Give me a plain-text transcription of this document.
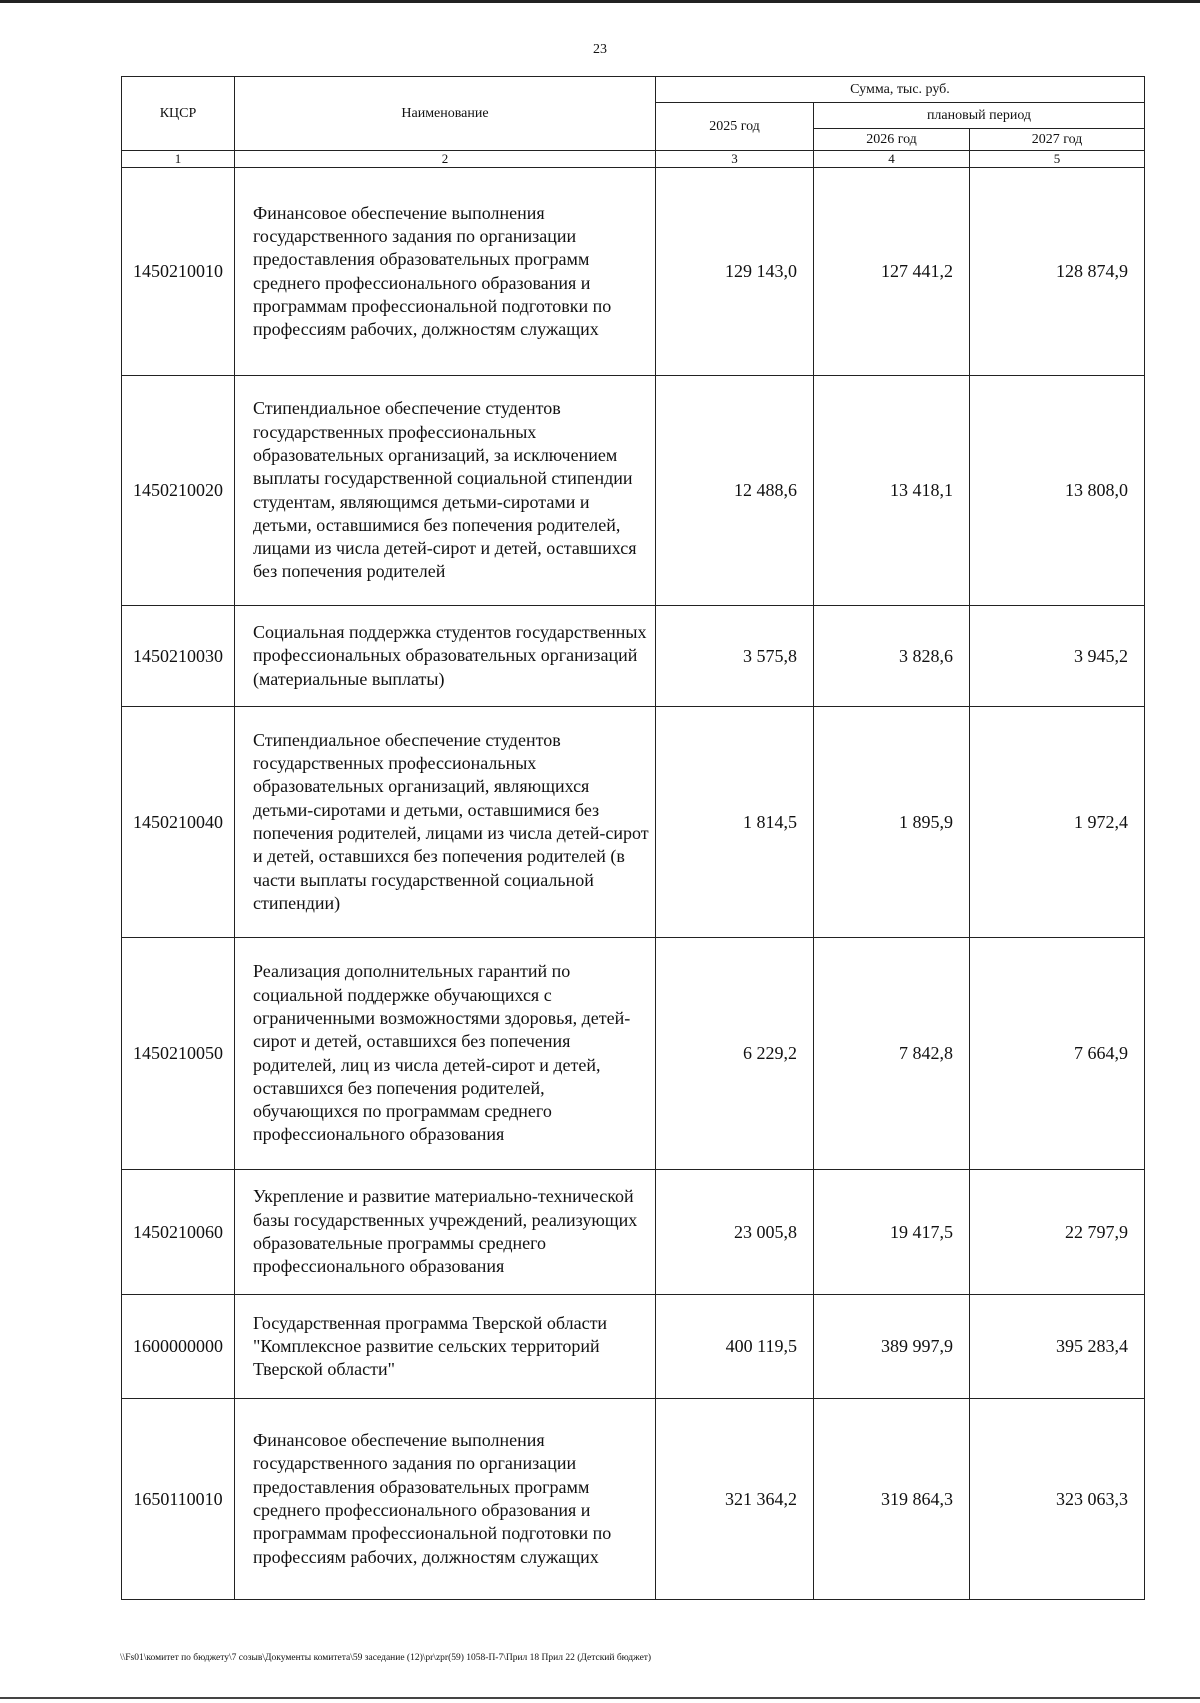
23
КЦСР	Наименование	Сумма, тыс. руб.		
		2025 год	плановый период	
			2026 год	2027 год
1	2	3	4	5
1450210010	Финансовое обеспечение выполнения государственного задания по организации предоставления образовательных программ среднего профессионального образования и программам профессиональной подготовки по профессиям рабочих, должностям служащих	129 143,0	127 441,2	128 874,9
1450210020	Стипендиальное обеспечение студентов государственных профессиональных образовательных организаций, за исключением выплаты государственной социальной стипендии студентам, являющимся детьми-сиротами и детьми, оставшимися без попечения родителей, лицами из числа детей-сирот и детей, оставшихся без попечения родителей	12 488,6	13 418,1	13 808,0
1450210030	Социальная поддержка студентов государственных профессиональных образовательных организаций (материальные выплаты)	3 575,8	3 828,6	3 945,2
1450210040	Стипендиальное обеспечение студентов государственных профессиональных образовательных организаций, являющихся детьми-сиротами и детьми, оставшимися без попечения родителей, лицами из числа детей-сирот и детей, оставшихся без попечения родителей (в части выплаты государственной социальной стипендии)	1 814,5	1 895,9	1 972,4
1450210050	Реализация дополнительных гарантий по социальной поддержке обучающихся с ограниченными возможностями здоровья, детей-сирот и детей, оставшихся без попечения родителей, лиц из числа детей-сирот и детей, оставшихся без попечения родителей, обучающихся по программам среднего профессионального образования	6 229,2	7 842,8	7 664,9
1450210060	Укрепление и развитие материально-технической базы государственных учреждений, реализующих образовательные программы среднего профессионального образования	23 005,8	19 417,5	22 797,9
1600000000	Государственная программа Тверской области "Комплексное развитие сельских территорий Тверской области"	400 119,5	389 997,9	395 283,4
1650110010	Финансовое обеспечение выполнения государственного задания по организации предоставления образовательных программ среднего профессионального образования и программам профессиональной подготовки по профессиям рабочих, должностям служащих	321 364,2	319 864,3	323 063,3
\\Fs01\комитет по бюджету\7 созыв\Документы комитета\59 заседание (12)\pr\zpr(59) 1058-П-7\Прил 18 Прил 22 (Детский бюджет)
